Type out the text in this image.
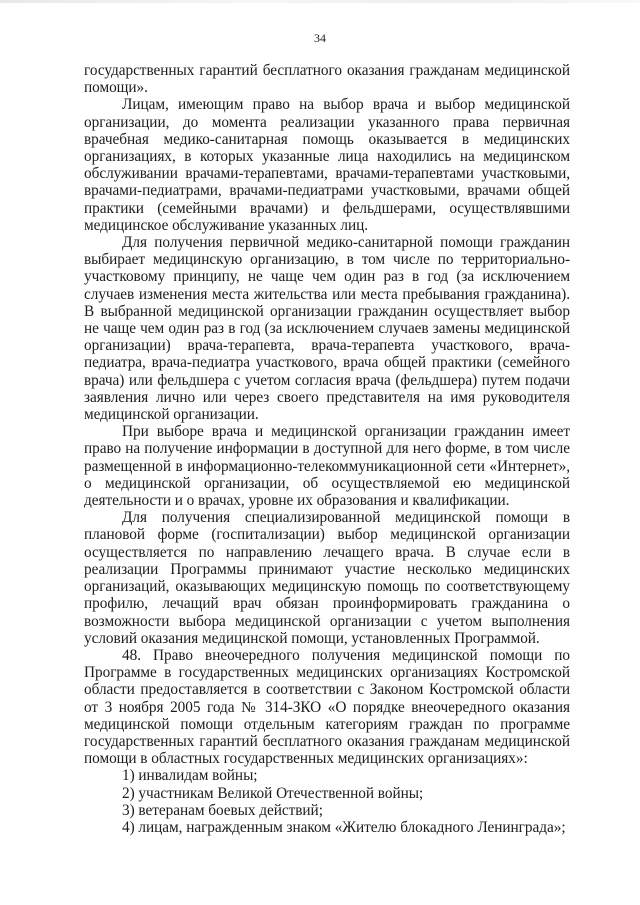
34

государственных гарантий бесплатного оказания гражданам медицинской помощи».

Лицам, имеющим право на выбор врача и выбор медицинской организации, до момента реализации указанного права первичная врачебная медико-санитарная помощь оказывается в медицинских организациях, в которых указанные лица находились на медицинском обслуживании врачами-терапевтами, врачами-терапевтами участковыми, врачами-педиатрами, врачами-педиатрами участковыми, врачами общей практики (семейными врачами) и фельдшерами, осуществлявшими медицинское обслуживание указанных лиц.

Для получения первичной медико-санитарной помощи гражданин выбирает медицинскую организацию, в том числе по территориально-участковому принципу, не чаще чем один раз в год (за исключением случаев изменения места жительства или места пребывания гражданина). В выбранной медицинской организации гражданин осуществляет выбор не чаще чем один раз в год (за исключением случаев замены медицинской организации) врача-терапевта, врача-терапевта участкового, врача-педиатра, врача-педиатра участкового, врача общей практики (семейного врача) или фельдшера с учетом согласия врача (фельдшера) путем подачи заявления лично или через своего представителя на имя руководителя медицинской организации.

При выборе врача и медицинской организации гражданин имеет право на получение информации в доступной для него форме, в том числе размещенной в информационно-телекоммуникационной сети «Интернет», о медицинской организации, об осуществляемой ею медицинской деятельности и о врачах, уровне их образования и квалификации.

Для получения специализированной медицинской помощи в плановой форме (госпитализации) выбор медицинской организации осуществляется по направлению лечащего врача. В случае если в реализации Программы принимают участие несколько медицинских организаций, оказывающих медицинскую помощь по соответствующему профилю, лечащий врач обязан проинформировать гражданина о возможности выбора медицинской организации с учетом выполнения условий оказания медицинской помощи, установленных Программой.

48. Право внеочередного получения медицинской помощи по Программе в государственных медицинских организациях Костромской области предоставляется в соответствии с Законом Костромской области от 3 ноября 2005 года № 314-ЗКО «О порядке внеочередного оказания медицинской помощи отдельным категориям граждан по программе государственных гарантий бесплатного оказания гражданам медицинской помощи в областных государственных медицинских организациях»:

1) инвалидам войны;
2) участникам Великой Отечественной войны;
3) ветеранам боевых действий;
4) лицам, награжденным знаком «Жителю блокадного Ленинграда»;
